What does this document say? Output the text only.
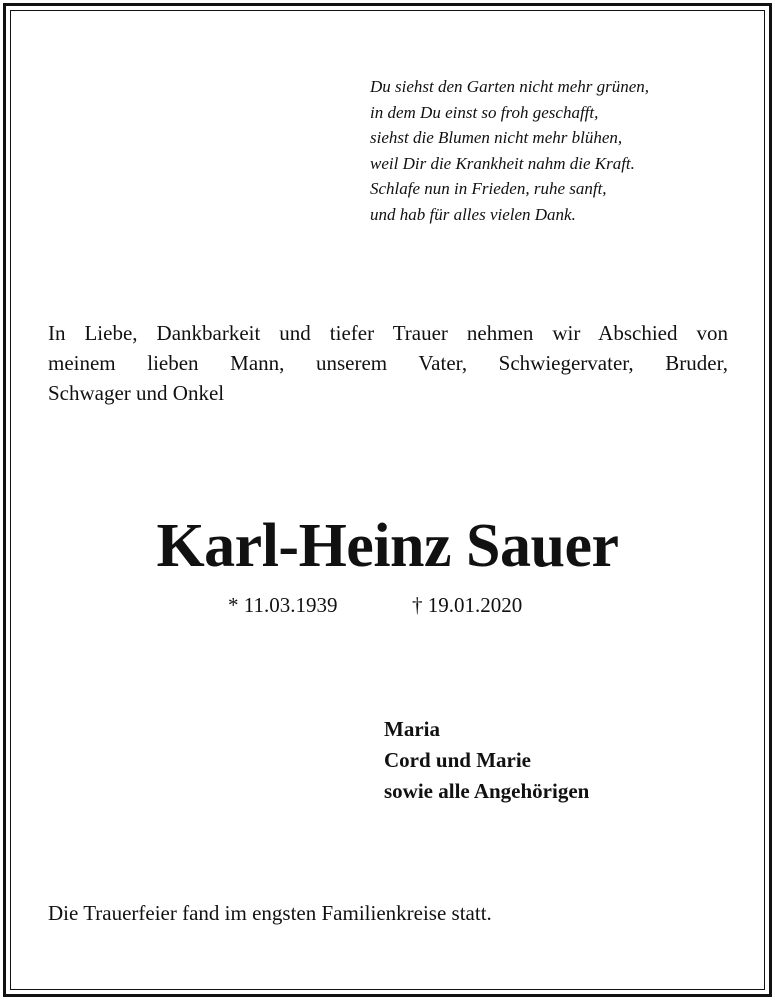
Du siehst den Garten nicht mehr grünen,
in dem Du einst so froh geschafft,
siehst die Blumen nicht mehr blühen,
weil Dir die Krankheit nahm die Kraft.
Schlafe nun in Frieden, ruhe sanft,
und hab für alles vielen Dank.
In Liebe, Dankbarkeit und tiefer Trauer nehmen wir Abschied von
meinem lieben Mann, unserem Vater, Schwiegervater, Bruder,
Schwager und Onkel
Karl-Heinz Sauer
* 11.03.1939	† 19.01.2020
Maria
Cord und Marie
sowie alle Angehörigen
Die Trauerfeier fand im engsten Familienkreise statt.
